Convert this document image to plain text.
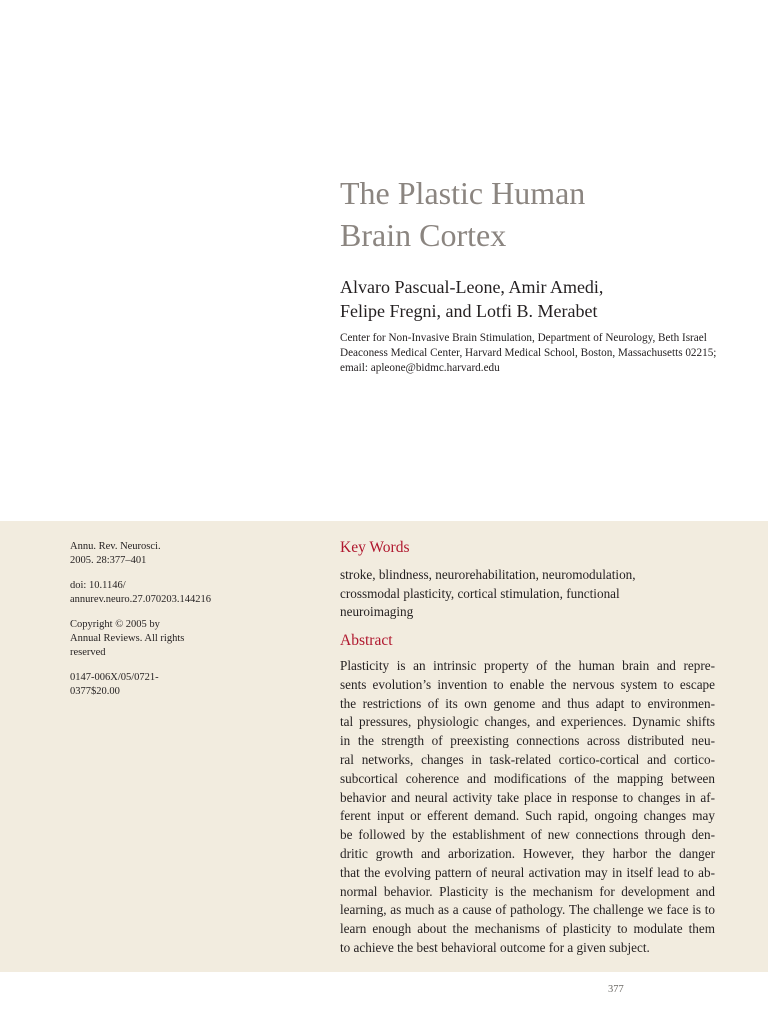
The Plastic Human
Brain Cortex
Alvaro Pascual-Leone, Amir Amedi,
Felipe Fregni, and Lotfi B. Merabet
Center for Non-Invasive Brain Stimulation, Department of Neurology, Beth Israel
Deaconess Medical Center, Harvard Medical School, Boston, Massachusetts 02215;
email: apleone@bidmc.harvard.edu

Annu. Rev. Neurosci.
2005. 28:377–401

doi: 10.1146/
annurev.neuro.27.070203.144216

Copyright © 2005 by
Annual Reviews. All rights
reserved

0147-006X/05/0721-
0377$20.00

Key Words
stroke, blindness, neurorehabilitation, neuromodulation,
crossmodal plasticity, cortical stimulation, functional
neuroimaging
Abstract
Plasticity is an intrinsic property of the human brain and repre-
sents evolution’s invention to enable the nervous system to escape
the restrictions of its own genome and thus adapt to environmen-
tal pressures, physiologic changes, and experiences. Dynamic shifts
in the strength of preexisting connections across distributed neu-
ral networks, changes in task-related cortico-cortical and cortico-
subcortical coherence and modifications of the mapping between
behavior and neural activity take place in response to changes in af-
ferent input or efferent demand. Such rapid, ongoing changes may
be followed by the establishment of new connections through den-
dritic growth and arborization. However, they harbor the danger
that the evolving pattern of neural activation may in itself lead to ab-
normal behavior. Plasticity is the mechanism for development and
learning, as much as a cause of pathology. The challenge we face is to
learn enough about the mechanisms of plasticity to modulate them
to achieve the best behavioral outcome for a given subject.
377
